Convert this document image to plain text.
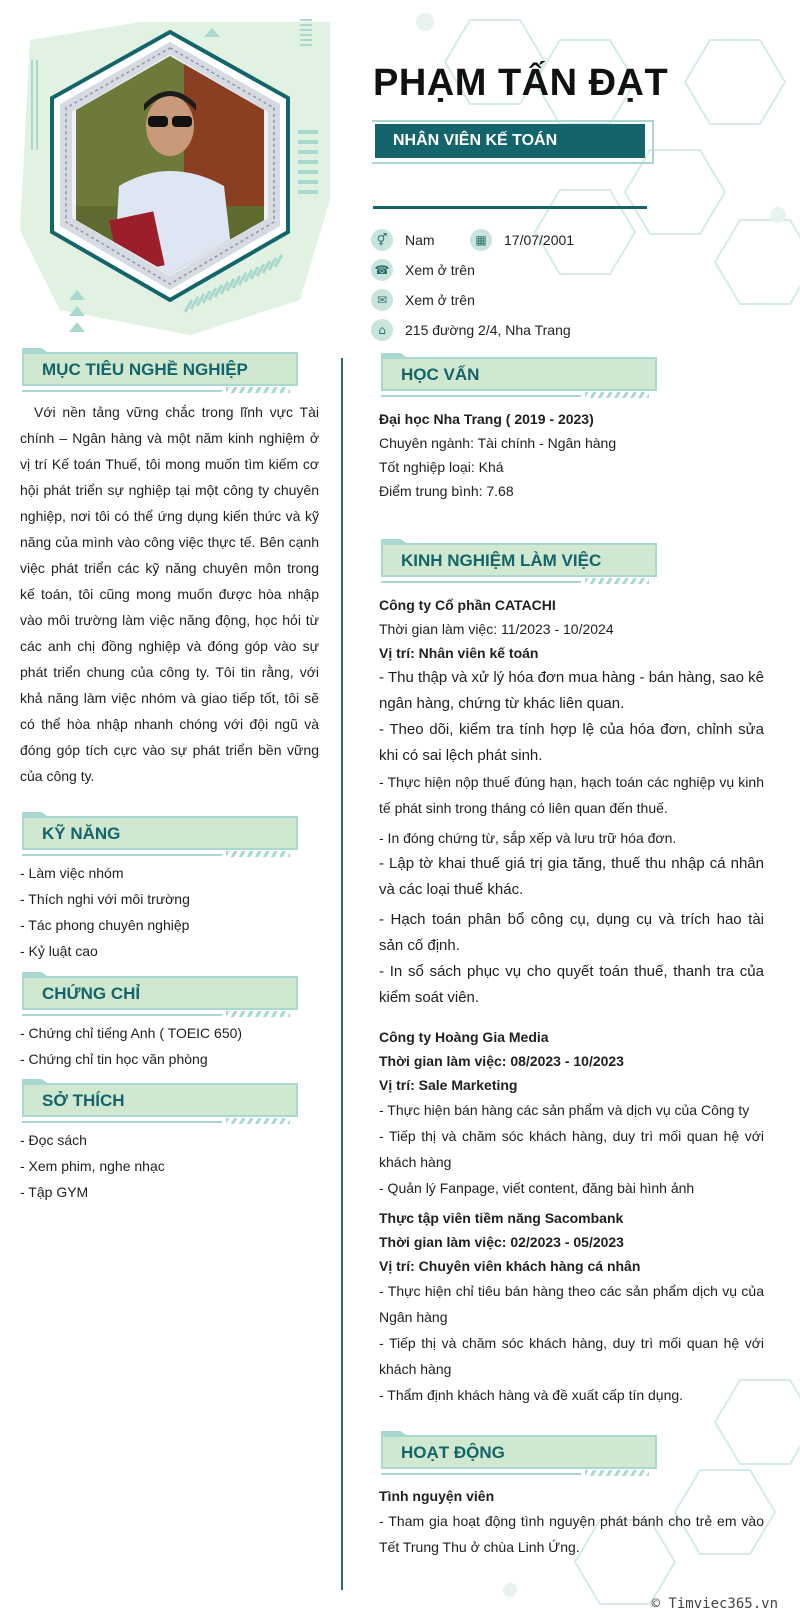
PHẠM TẤN ĐẠT
NHÂN VIÊN KẾ TOÁN
⚥	Nam	▦	17/07/2001
☎ Xem ở trên
✉	Xem ở trên
⌂	215 đường 2/4, Nha Trang
MỤC TIÊU NGHỀ NGHIỆP
Với nền tảng vững chắc trong lĩnh vực Tài chính – Ngân hàng và một năm kinh nghiệm ở vị trí Kế toán Thuế, tôi mong muốn tìm kiếm cơ hội phát triển sự nghiệp tại một công ty chuyên nghiệp, nơi tôi có thể ứng dụng kiến thức và kỹ năng của mình vào công việc thực tế. Bên cạnh việc phát triển các kỹ năng chuyên môn trong kế toán, tôi cũng mong muốn được hòa nhập vào môi trường làm việc năng động, học hỏi từ các anh chị đồng nghiệp và đóng góp vào sự phát triển chung của công ty. Tôi tin rằng, với khả năng làm việc nhóm và giao tiếp tốt, tôi sẽ có thể hòa nhập nhanh chóng với đội ngũ và đóng góp tích cực vào sự phát triển bền vững của công ty.
KỸ NĂNG
- Làm việc nhóm
- Thích nghi với môi trường
- Tác phong chuyên nghiệp
- Kỷ luật cao
CHỨNG CHỈ
- Chứng chỉ tiếng Anh ( TOEIC 650)
- Chứng chỉ tin học văn phòng
SỞ THÍCH
- Đọc sách
- Xem phim, nghe nhạc
- Tập GYM
HỌC VẤN
Đại học Nha Trang ( 2019 - 2023)
Chuyên ngành: Tài chính - Ngân hàng
Tốt nghiệp loại: Khá
Điểm trung bình: 7.68
KINH NGHIỆM LÀM VIỆC
Công ty Cổ phần CATACHI
Thời gian làm việc: 11/2023 - 10/2024
Vị trí: Nhân viên kế toán
- Thu thập và xử lý hóa đơn mua hàng - bán hàng, sao kê ngân hàng, chứng từ khác liên quan.
- Theo dõi, kiểm tra tính hợp lệ của hóa đơn, chỉnh sửa khi có sai lệch phát sinh.
- Thực hiện nộp thuế đúng hạn, hạch toán các nghiệp vụ kinh tế phát sinh trong tháng có liên quan đến thuế.
- In đóng chứng từ, sắp xếp và lưu trữ hóa đơn.
- Lập tờ khai thuế giá trị gia tăng, thuế thu nhập cá nhân và các loại thuế khác.
- Hạch toán phân bổ công cụ, dụng cụ và trích hao tài sản cố định.
- In sổ sách phục vụ cho quyết toán thuế, thanh tra của kiểm soát viên.
Công ty Hoàng Gia Media
Thời gian làm việc: 08/2023 - 10/2023
Vị trí: Sale Marketing
- Thực hiện bán hàng các sản phẩm và dịch vụ của Công ty
- Tiếp thị và chăm sóc khách hàng, duy trì mối quan hệ với khách hàng
- Quản lý Fanpage, viết content, đăng bài hình ảnh
Thực tập viên tiềm năng Sacombank
Thời gian làm việc: 02/2023 - 05/2023
Vị trí: Chuyên viên khách hàng cá nhân
- Thực hiện chỉ tiêu bán hàng theo các sản phẩm dịch vụ của Ngân hàng
- Tiếp thị và chăm sóc khách hàng, duy trì mối quan hệ với khách hàng
- Thẩm định khách hàng và đề xuất cấp tín dụng.
HOẠT ĐỘNG
Tình nguyện viên
- Tham gia hoạt động tình nguyện phát bánh cho trẻ em vào Tết Trung Thu ở chùa Linh Ứng.
© Timviec365.vn
